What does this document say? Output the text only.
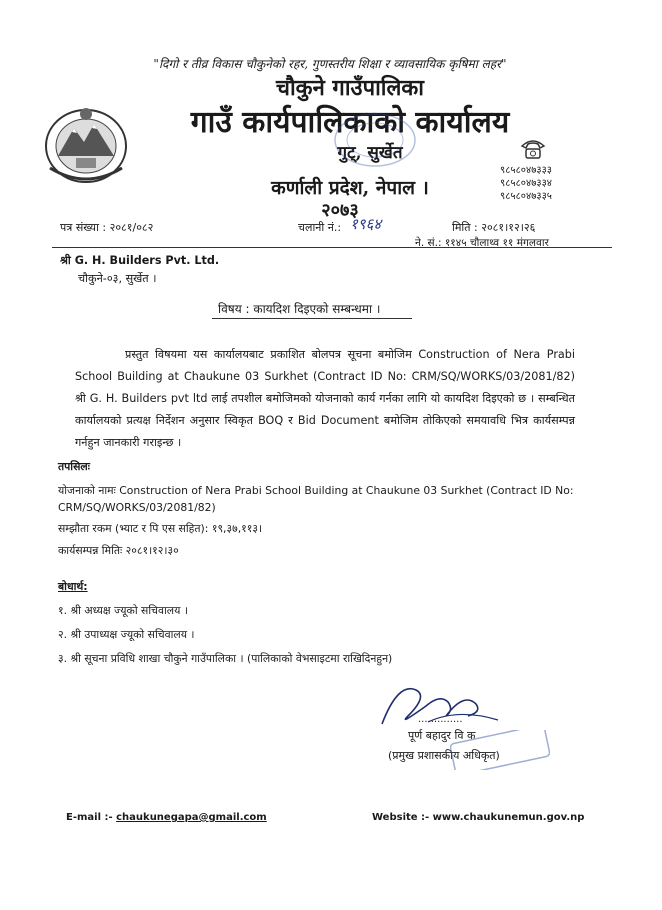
"दिगो र तीव्र विकास चौकुनेको रहर, गुणस्तरीय शिक्षा र व्यावसायिक कृषिमा लहर"
चौकुने गाउँपालिका
गाउँ कार्यपालिकाको कार्यालय
गुट्, सुर्खेत
कर्णाली प्रदेश, नेपाल ।
२०७३
९८५८०४७३३३
९८५८०४७३३४
९८५८०४७३३५
पत्र संख्या : २०८१/०८२	चलानी नं.: १९६४	मिति : २०८१।१२।२६
ने. सं.: ११४५ चौलाथ्व ११ मंगलवार
श्री G. H. Builders Pvt. Ltd.
चौकुने-०३, सुर्खेत ।
विषय : कायदिश दिइएको सम्बन्धमा ।
प्रस्तुत विषयमा यस कार्यालयबाट प्रकाशित बोलपत्र सूचना बमोजिम Construction of Nera Prabi School Building at Chaukune 03 Surkhet (Contract ID No: CRM/SQ/WORKS/03/2081/82) श्री G. H. Builders pvt ltd लाई तपशील बमोजिमको योजनाको कार्य गर्नका लागि यो कायदिश दिइएको छ । सम्बन्धित कार्यालयको प्रत्यक्ष निर्देशन अनुसार स्विकृत BOQ र Bid Document बमोजिम तोकिएको समयावधि भित्र कार्यसम्पन्न गर्नहुन जानकारी गराइन्छ ।
तपसिलः
योजनाको नामः Construction of Nera Prabi School Building at Chaukune 03 Surkhet (Contract ID No: CRM/SQ/WORKS/03/2081/82)
सम्झौता रकम (भ्याट र पि एस सहित): १९,३७,११३।
कार्यसम्पन्न मितिः २०८१।१२।३०
बोधार्थ:
१. श्री अध्यक्ष ज्यूको सचिवालय ।
२. श्री उपाध्यक्ष ज्यूको सचिवालय ।
३. श्री सूचना प्रविधि शाखा चौकुने गाउँपालिका । (पालिकाको वेभसाइटमा राखिदिनहुन)
..............
पूर्ण बहादुर वि क
(प्रमुख प्रशासकीय अधिकृत)
E-mail :- chaukunegapa@gmail.com	Website :- www.chaukunemun.gov.np
